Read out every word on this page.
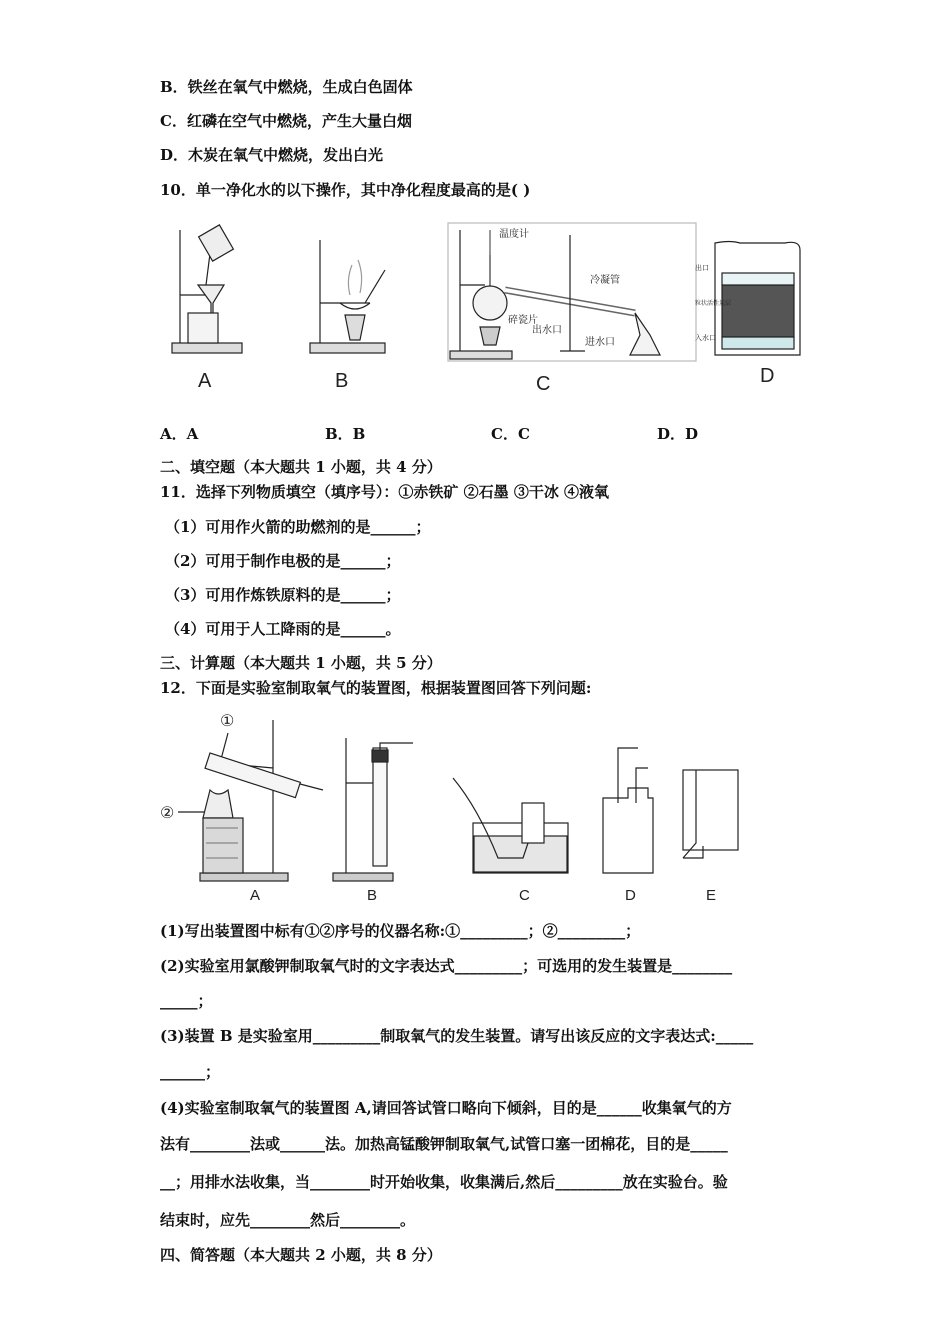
B．铁丝在氧气中燃烧，生成白色固体
C．红磷在空气中燃烧，产生大量白烟
D．木炭在氧气中燃烧，发出白光
10．单一净化水的以下操作，其中净化程度最高的是( )
A	B
温度计
冷凝管
碎瓷片
出水口
进水口
C
出口
粒状活性炭层
入水口
D
A．A	B．B	C．C	D．D
二、填空题（本大题共 1 小题，共 4 分）
11．选择下列物质填空（填序号）：①赤铁矿 ②石墨 ③干冰 ④液氧
（1）可用作火箭的助燃剂的是______；
（2）可用于制作电极的是______；
（3）可用作炼铁原料的是______；
（4）可用于人工降雨的是______。
三、计算题（本大题共 1 小题，共 5 分）
12．下面是实验室制取氧气的装置图，根据装置图回答下列问题:
①
②
A	B	C	D	E
(1)写出装置图中标有①②序号的仪器名称:①_________；②_________；
(2)实验室用氯酸钾制取氧气时的文字表达式_________；可选用的发生装置是________
_____；
(3)装置 B 是实验室用_________制取氧气的发生装置。请写出该反应的文字表达式:_____
______；
(4)实验室制取氧气的装置图 A,请回答试管口略向下倾斜，目的是______收集氧气的方
法有________法或______法。加热高锰酸钾制取氧气,试管口塞一团棉花，目的是_____
__；用排水法收集，当________时开始收集，收集满后,然后_________放在实验台。验
结束时，应先________然后________。
四、简答题（本大题共 2 小题，共 8 分）
